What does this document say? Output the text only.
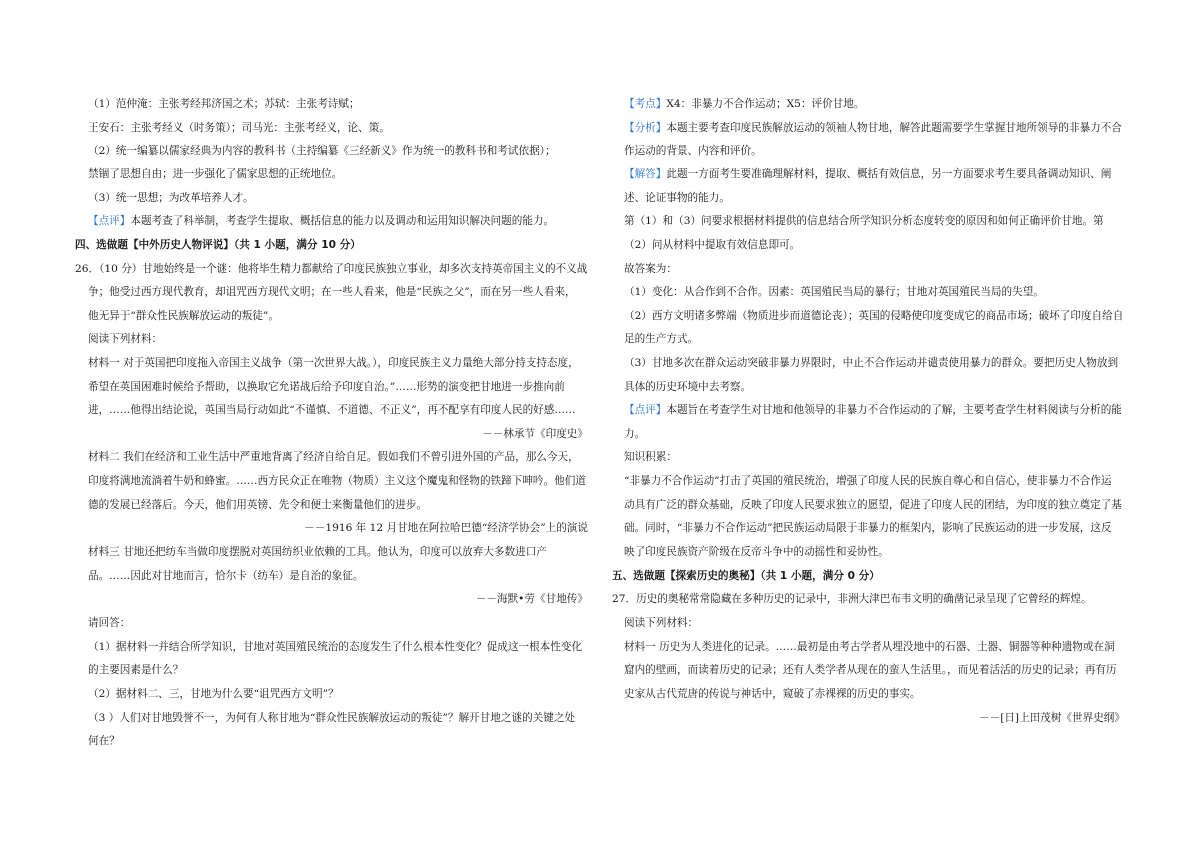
（1）范仲淹：主张考经邦济国之术；苏轼：主张考诗赋；
王安石：主张考经义（时务策）；司马光：主张考经义，论、策。
（2）统一编纂以儒家经典为内容的教科书（主持编纂《三经新义》作为统一的教科书和考试依据）；
禁锢了思想自由；进一步强化了儒家思想的正统地位。
（3）统一思想；为改革培养人才。
【点评】本题考查了科举制，考查学生提取、概括信息的能力以及调动和运用知识解决问题的能力。
四、选做题【中外历史人物评说】（共 1 小题，满分 10 分）
26．（10 分）甘地始终是一个谜：他将毕生精力都献给了印度民族独立事业，却多次支持英帝国主义的不义战
争；他受过西方现代教育，却诅咒西方现代文明；在一些人看来，他是“民族之父”，而在另一些人看来，
他无异于“群众性民族解放运动的叛徒”。
阅读下列材料：
材料一 对于英国把印度拖入帝国主义战争（第一次世界大战。），印度民族主义力量绝大部分持支持态度，
希望在英国困难时候给予帮助，以换取它允诺战后给予印度自治。”……形势的演变把甘地进一步推向前
进，……他得出结论说，英国当局行动如此“不谨慎、不道德、不正义”，再不配享有印度人民的好感……
－－林承节《印度史》
材料二 我们在经济和工业生活中严重地背离了经济自给自足。假如我们不曾引进外国的产品，那么今天，
印度将满地流淌着牛奶和蜂蜜。……西方民众正在唯物（物质）主义这个魔鬼和怪物的铁蹄下呻吟。他们道
德的发展已经落后。今天，他们用英镑、先令和便士来衡量他们的进步。
－－1916 年 12 月甘地在阿拉哈巴德“经济学协会”上的演说
材料三 甘地还把纺车当做印度摆脱对英国纺织业依赖的工具。他认为，印度可以放弃大多数进口产
品。……因此对甘地而言，恰尔卡（纺车）是自治的象征。
－－海默•劳《甘地传》
请回答：
（1）据材料一并结合所学知识，甘地对英国殖民统治的态度发生了什么根本性变化？促成这一根本性变化
的主要因素是什么？
（2）据材料二、三，甘地为什么要“诅咒西方文明”？
（3 ）人们对甘地毁誉不一，为何有人称甘地为“群众性民族解放运动的叛徒”？解开甘地之谜的关键之处
何在？
【考点】X4：非暴力不合作运动；X5：评价甘地。
【分析】本题主要考查印度民族解放运动的领袖人物甘地，解答此题需要学生掌握甘地所领导的非暴力不合
作运动的背景、内容和评价。
【解答】此题一方面考生要准确理解材料，提取、概括有效信息，另一方面要求考生要具备调动知识、阐
述、论证事物的能力。
第（1）和（3）问要求根据材料提供的信息结合所学知识分析态度转变的原因和如何正确评价甘地。第
（2）问从材料中提取有效信息即可。
故答案为：
（1）变化：从合作到不合作。因素：英国殖民当局的暴行；甘地对英国殖民当局的失望。
（2）西方文明诸多弊端（物质进步而道德论丧）；英国的侵略使印度变成它的商品市场；破坏了印度自给自
足的生产方式。
（3）甘地多次在群众运动突破非暴力界限时，中止不合作运动并谴责使用暴力的群众。要把历史人物放到
具体的历史环境中去考察。
【点评】本题旨在考查学生对甘地和他领导的非暴力不合作运动的了解，主要考查学生材料阅读与分析的能
力。
知识积累：
“非暴力不合作运动”打击了英国的殖民统治，增强了印度人民的民族自尊心和自信心，使非暴力不合作运
动具有广泛的群众基础，反映了印度人民要求独立的愿望，促进了印度人民的团结，为印度的独立奠定了基
础。同时，“非暴力不合作运动”把民族运动局限于非暴力的框架内，影响了民族运动的进一步发展，这反
映了印度民族资产阶级在反帝斗争中的动摇性和妥协性。
五、选做题【探索历史的奥秘】（共 1 小题，满分 0 分）
27．历史的奥秘常常隐藏在多种历史的记录中，非洲大津巴布韦文明的确凿记录呈现了它曾经的辉煌。
阅读下列材料：
材料一 历史为人类进化的记录。……最初是由考古学者从埋没地中的石器、土器、铜器等种种遗物或在洞
窟内的壁画，而读着历史的记录；还有人类学者从现在的蛮人生活里。，而见着活活的历史的记录；再有历
史家从古代荒唐的传说与神话中，窥破了赤裸裸的历史的事实。
－－[日]上田茂树《世界史纲》
